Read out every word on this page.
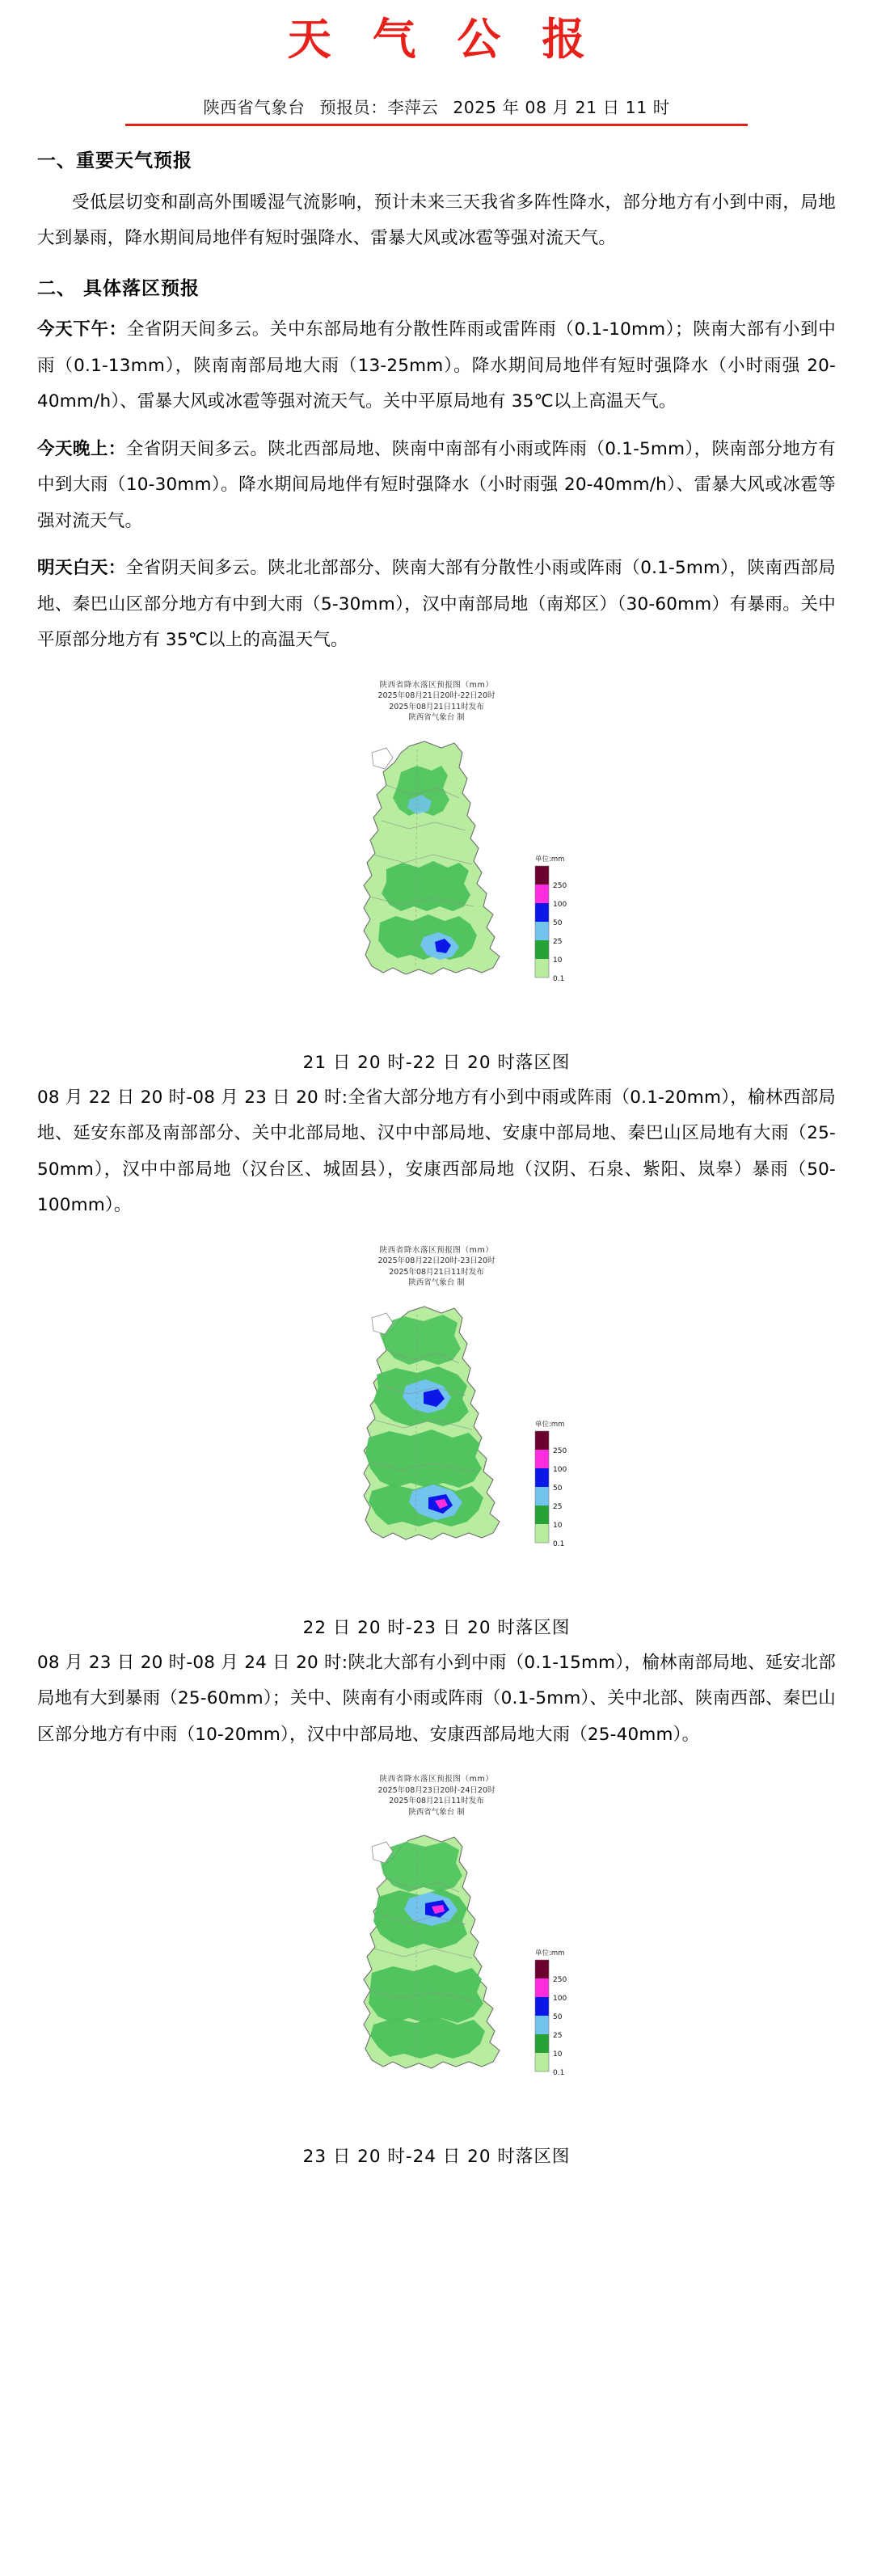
天 气 公 报
陕西省气象台 预报员：李萍云 2025 年 08 月 21 日 11 时
一、重要天气预报

受低层切变和副高外围暖湿气流影响，预计未来三天我省多阵性降水，部分地方有小到中雨，局地大到暴雨，降水期间局地伴有短时强降水、雷暴大风或冰雹等强对流天气。

二、 具体落区预报

今天下午：全省阴天间多云。关中东部局地有分散性阵雨或雷阵雨（0.1-10mm）；陕南大部有小到中雨（0.1-13mm），陕南南部局地大雨（13-25mm）。降水期间局地伴有短时强降水（小时雨强 20-40mm/h）、雷暴大风或冰雹等强对流天气。关中平原局地有 35℃以上高温天气。

今天晚上：全省阴天间多云。陕北西部局地、陕南中南部有小雨或阵雨（0.1-5mm），陕南部分地方有中到大雨（10-30mm）。降水期间局地伴有短时强降水（小时雨强 20-40mm/h）、雷暴大风或冰雹等强对流天气。

明天白天：全省阴天间多云。陕北北部部分、陕南大部有分散性小雨或阵雨（0.1-5mm），陕南西部局地、秦巴山区部分地方有中到大雨（5-30mm），汉中南部局地（南郑区）（30-60mm）有暴雨。关中平原部分地方有 35℃以上的高温天气。

陕西省降水落区预报图（mm）
2025年08月21日20时-22日20时
2025年08月21日11时发布
陕西省气象台 制
单位:mm
250
100
50
25
10
0.1
21 日 20 时-22 日 20 时落区图

08 月 22 日 20 时-08 月 23 日 20 时:全省大部分地方有小到中雨或阵雨（0.1-20mm），榆林西部局地、延安东部及南部部分、关中北部局地、汉中中部局地、安康中部局地、秦巴山区局地有大雨（25-50mm），汉中中部局地（汉台区、城固县），安康西部局地（汉阴、石泉、紫阳、岚皋）暴雨（50-100mm）。

陕西省降水落区预报图（mm）
2025年08月22日20时-23日20时
2025年08月21日11时发布
陕西省气象台 制
单位:mm
250
100
50
25
10
0.1
22 日 20 时-23 日 20 时落区图

08 月 23 日 20 时-08 月 24 日 20 时:陕北大部有小到中雨（0.1-15mm），榆林南部局地、延安北部局地有大到暴雨（25-60mm）；关中、陕南有小雨或阵雨（0.1-5mm）、关中北部、陕南西部、秦巴山区部分地方有中雨（10-20mm），汉中中部局地、安康西部局地大雨（25-40mm）。

陕西省降水落区预报图（mm）
2025年08月23日20时-24日20时
2025年08月21日11时发布
陕西省气象台 制
单位:mm
250
100
50
25
10
0.1
23 日 20 时-24 日 20 时落区图
